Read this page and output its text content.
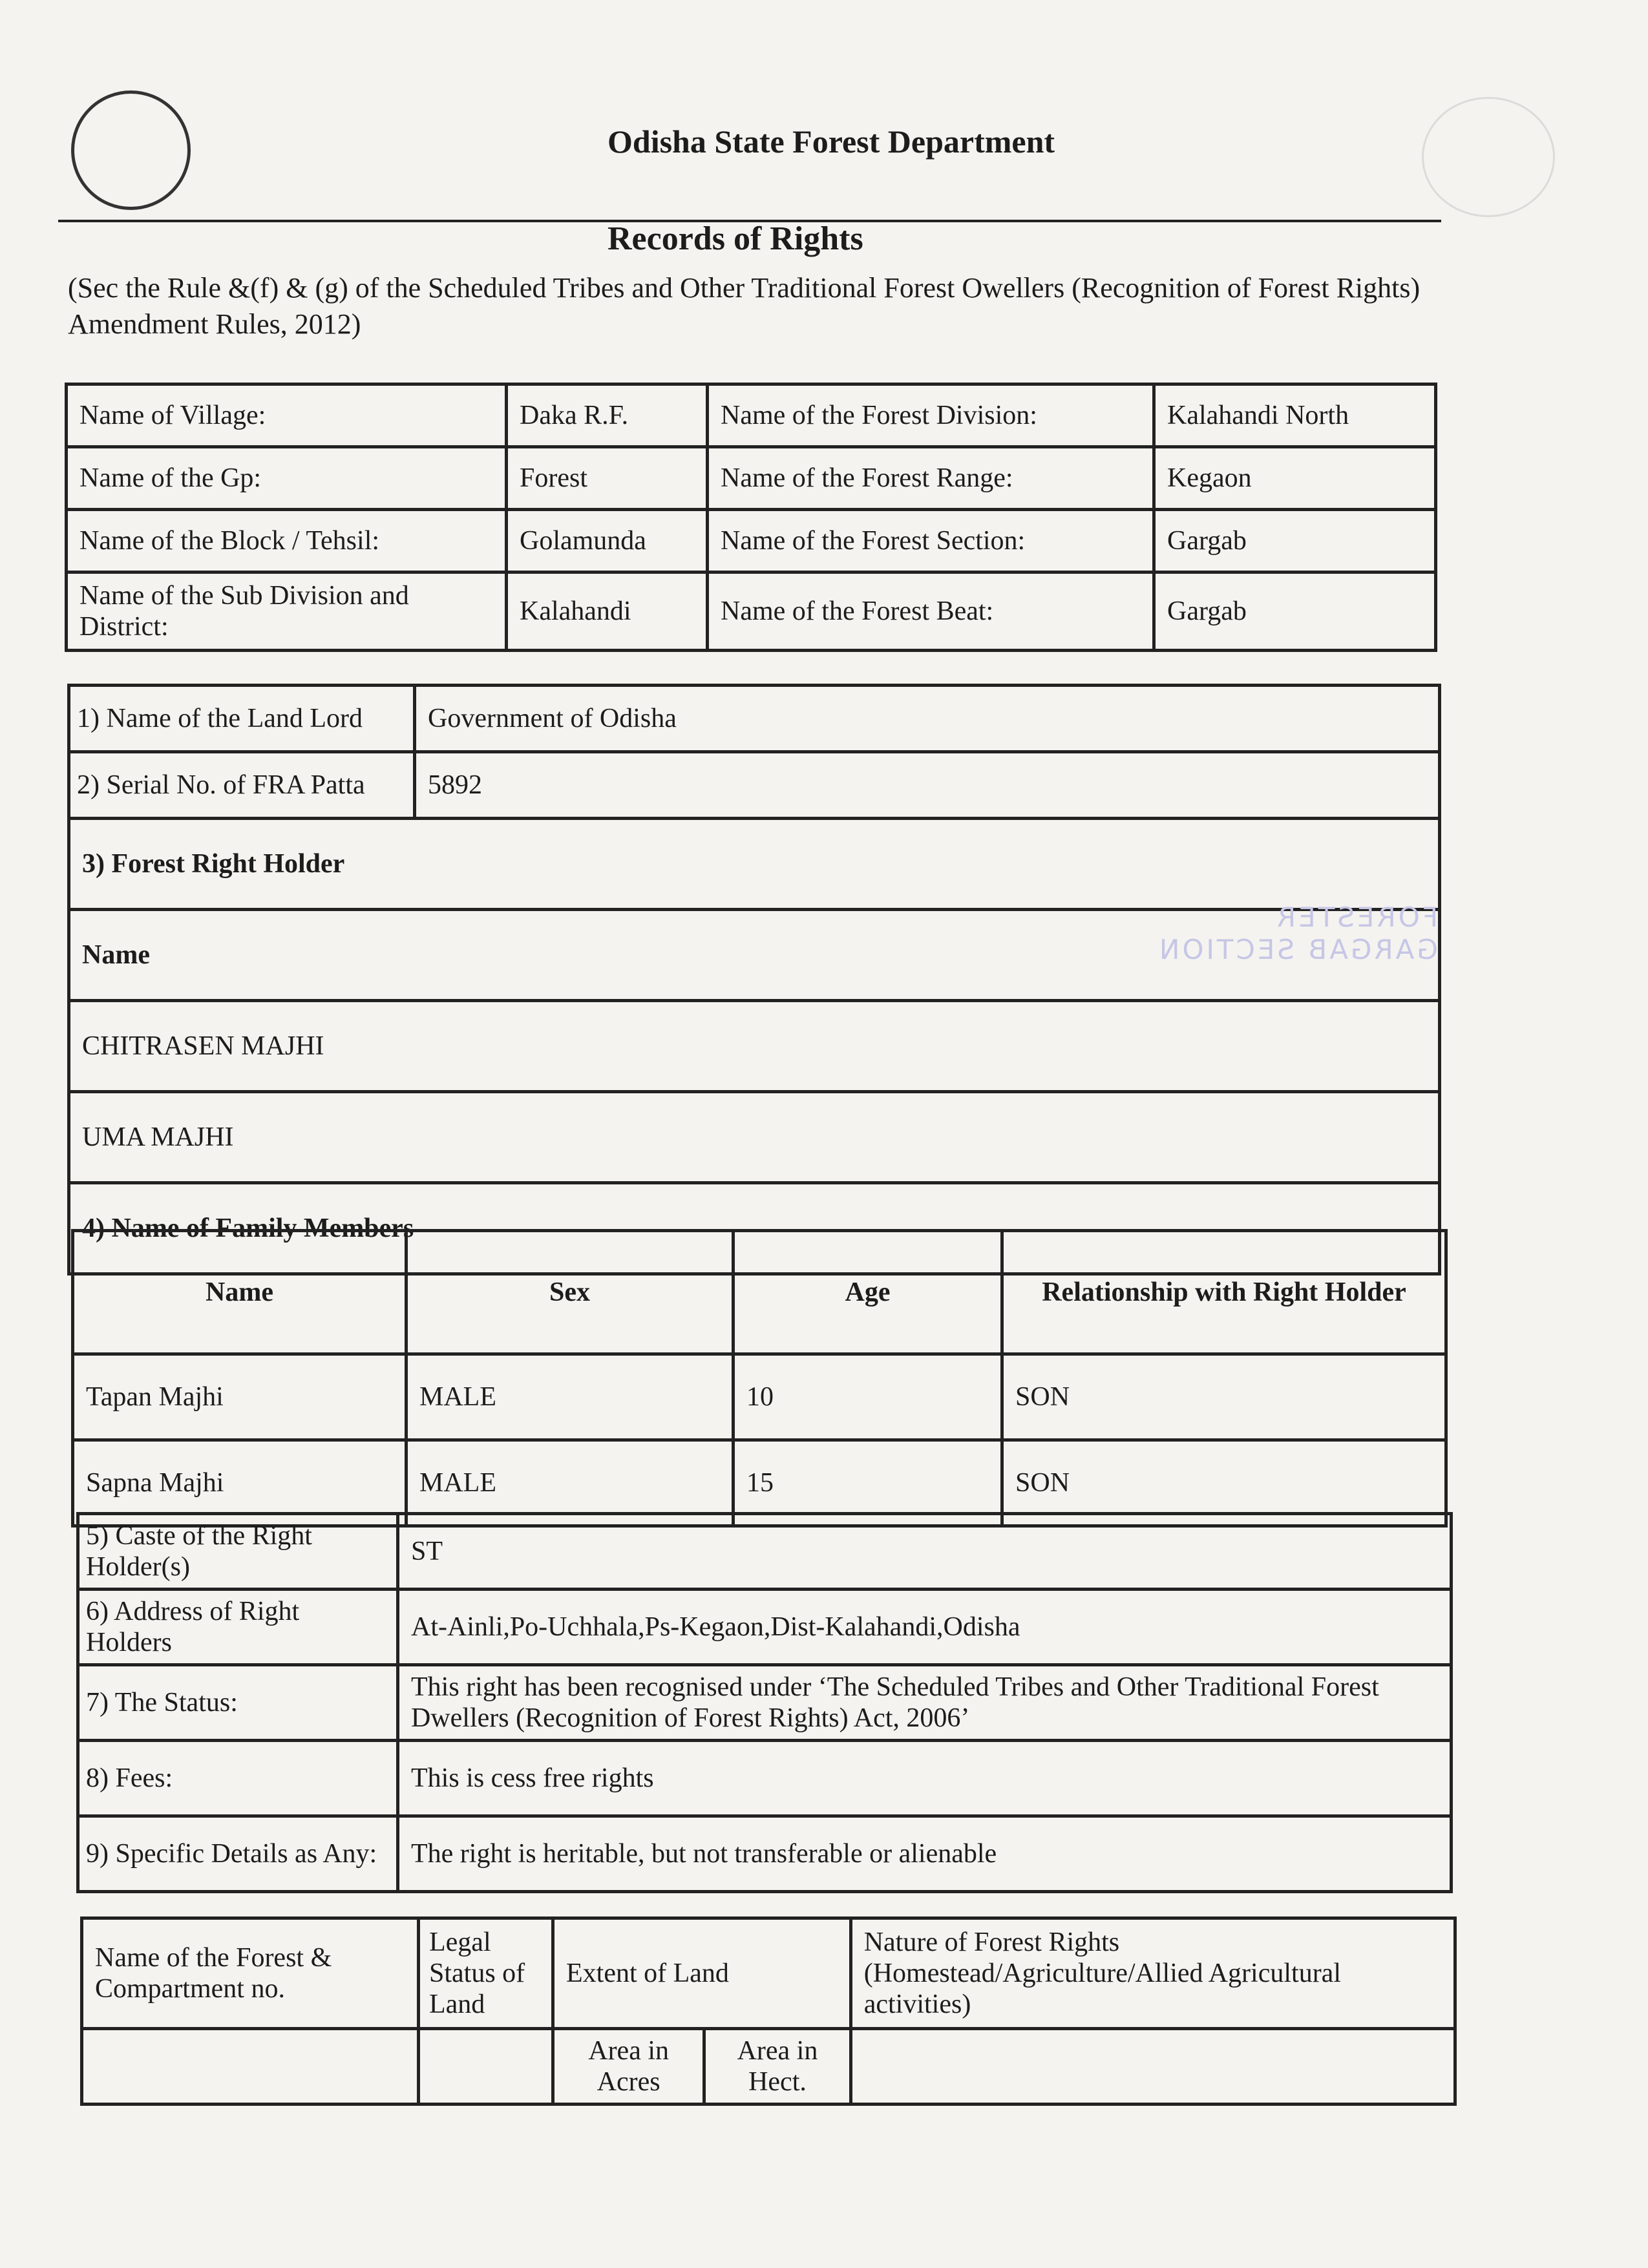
Odisha State Forest Department
Records of Rights
(Sec the Rule &(f) & (g) of the Scheduled Tribes and Other Traditional Forest Owellers (Recognition of Forest Rights) Amendment Rules, 2012)
Name of Village:	Daka R.F.	Name of the Forest Division:	Kalahandi North
Name of the Gp:	Forest	Name of the Forest Range:	Kegaon
Name of the Block / Tehsil:	Golamunda	Name of the Forest Section:	Gargab
Name of the Sub Division and District:	Kalahandi	Name of the Forest Beat:	Gargab
1) Name of the Land Lord	Government of Odisha
2) Serial No. of FRA Patta	5892
3) Forest Right Holder	
Name	
CHITRASEN MAJHI	
UMA MAJHI	
4) Name of Family Members	
Name	Sex	Age	Relationship with Right Holder
Tapan Majhi	MALE	10	SON
Sapna Majhi	MALE	15	SON
5) Caste of the Right Holder(s)	ST
6) Address of Right Holders	At-Ainli,Po-Uchhala,Ps-Kegaon,Dist-Kalahandi,Odisha
7) The Status:	This right has been recognised under ‘The Scheduled Tribes and Other Traditional Forest Dwellers (Recognition of Forest Rights) Act, 2006’
8) Fees:	This is cess free rights
9) Specific Details as Any:	The right is heritable, but not transferable or alienable
Name of the Forest & Compartment no.	Legal Status of Land	Extent of Land		Nature of Forest Rights (Homestead/Agriculture/Allied Agricultural activities)
		Area in Acres	Area in Hect.	
FORESTER
GARGAB SECTION
